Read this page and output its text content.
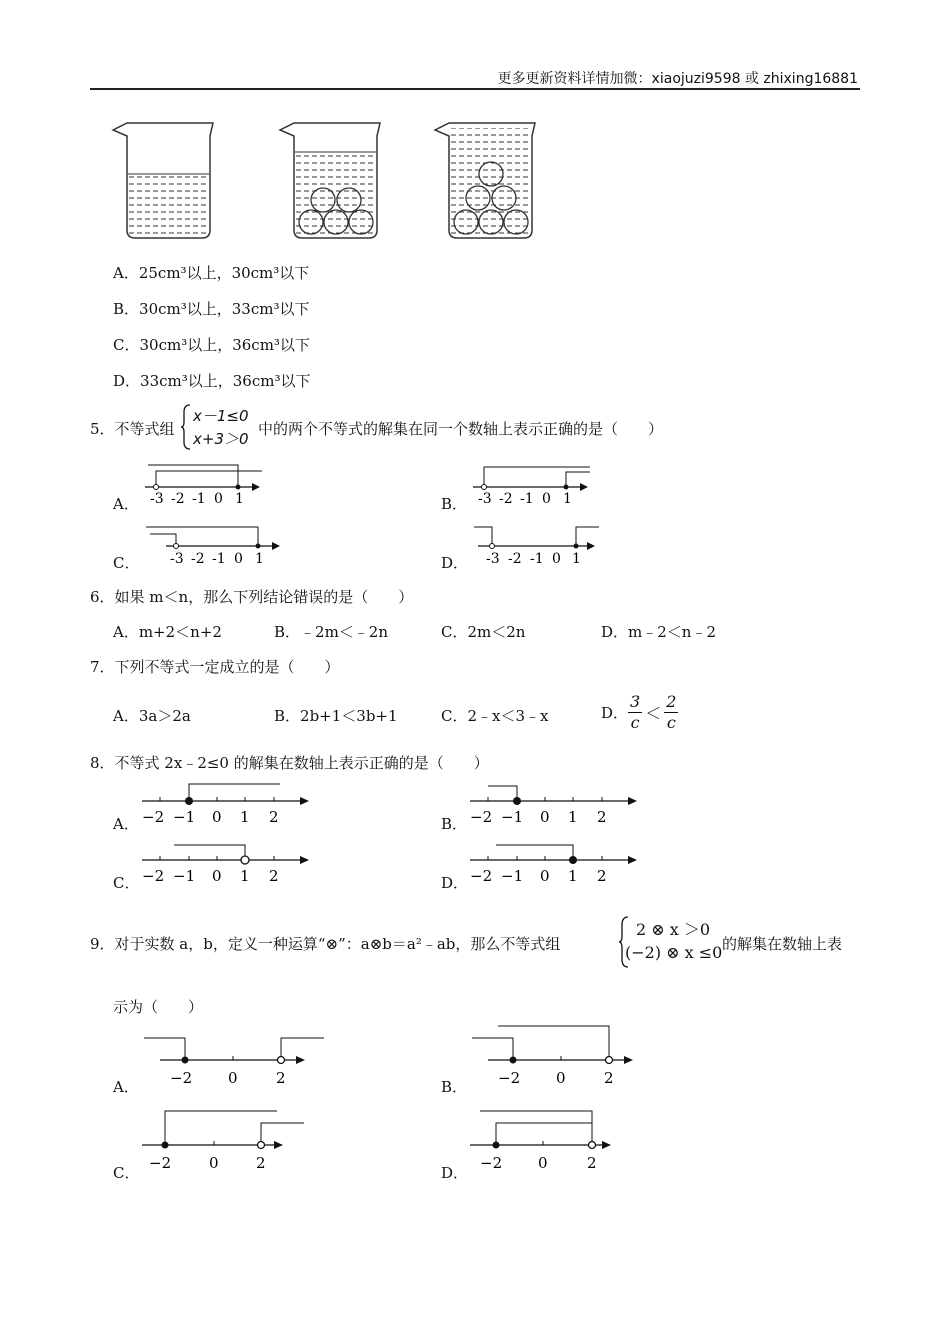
更多更新资料详情加微：xiaojuzi9598 或 zhixing16881
A．25cm³以上，30cm³以下
B．30cm³以上，33cm³以下
C．30cm³以上，36cm³以下
D．33cm³以上，36cm³以下
5．不等式组
x－1≤0
x+3＞0
中的两个不等式的解集在同一个数轴上表示正确的是（　　）
A． -3 -2 -1 0 1	B． -3 -2 -1 0 1
C． -3 -2 -1 0 1	D． -3 -2 -1 0 1
6．如果 m＜n，那么下列结论错误的是（　　）
A．m+2＜n+2	B．﹣2m＜﹣2n	C．2m＜2n	D．m﹣2＜n﹣2
7．下列不等式一定成立的是（　　）
A．3a＞2a	B．2b+1＜3b+1	C．2﹣x＜3﹣x	D． $\frac{3}{c} < \frac{2}{c}$
8．不等式 2x﹣2≤0 的解集在数轴上表示正确的是（　　）
A． −2 −1 0 1 2	B． −2 −1 0 1 2
C． −2 −1 0 1 2	D． −2 −1 0 1 2
9．对于实数 a，b，定义一种运算“⊗”：a⊗b＝a²﹣ab，那么不等式组
2 ⊗ x ＞0
(−2) ⊗ x ≤0 的解集在数轴上表
示为（　　）
A． −2 0	2	B． −2 0	2
C．
−2	0 2
D．
−2 0	2
